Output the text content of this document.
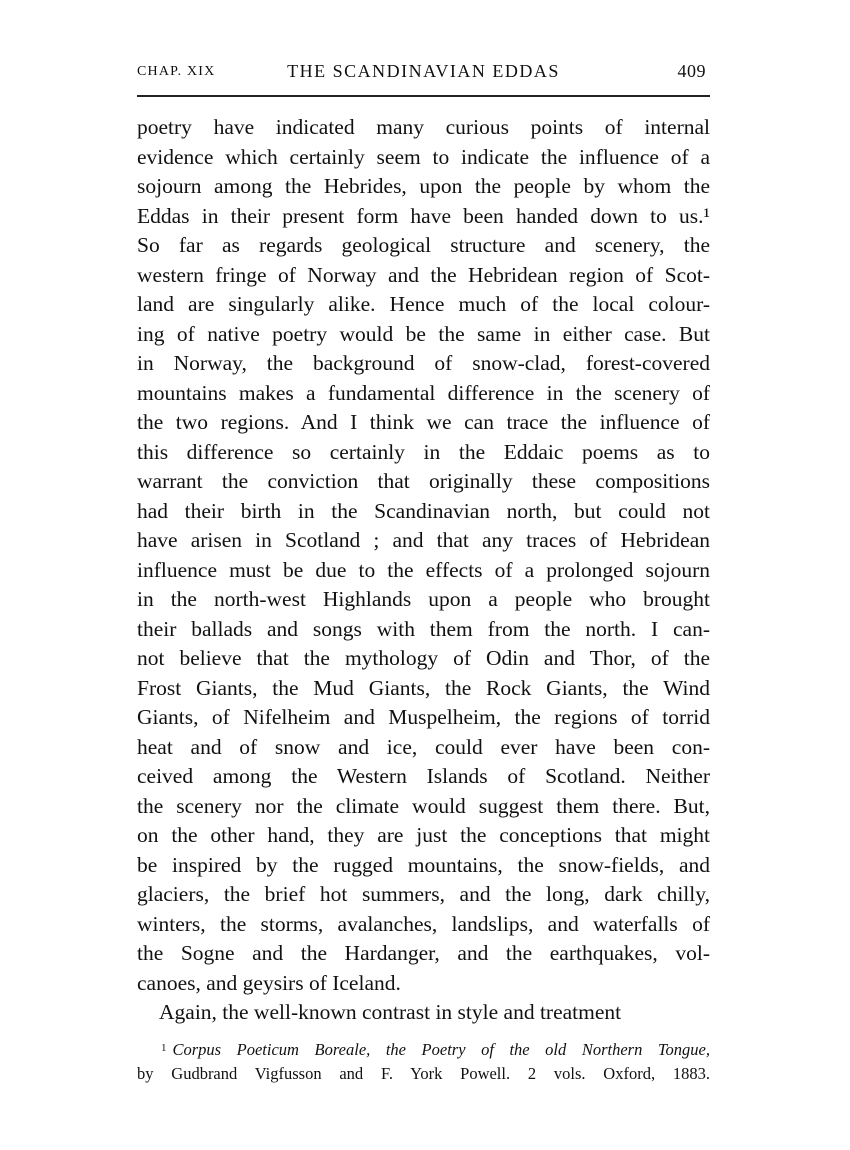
CHAP. XIX	THE SCANDINAVIAN EDDAS	409
poetry have indicated many curious points of internal
evidence which certainly seem to indicate the influence of a
sojourn among the Hebrides, upon the people by whom the
Eddas in their present form have been handed down to us.¹
So far as regards geological structure and scenery, the
western fringe of Norway and the Hebridean region of Scot-
land are singularly alike. Hence much of the local colour-
ing of native poetry would be the same in either case. But
in Norway, the background of snow-clad, forest-covered
mountains makes a fundamental difference in the scenery of
the two regions. And I think we can trace the influence of
this difference so certainly in the Eddaic poems as to
warrant the conviction that originally these compositions
had their birth in the Scandinavian north, but could not
have arisen in Scotland ; and that any traces of Hebridean
influence must be due to the effects of a prolonged sojourn
in the north-west Highlands upon a people who brought
their ballads and songs with them from the north. I can-
not believe that the mythology of Odin and Thor, of the
Frost Giants, the Mud Giants, the Rock Giants, the Wind
Giants, of Nifelheim and Muspelheim, the regions of torrid
heat and of snow and ice, could ever have been con-
ceived among the Western Islands of Scotland. Neither
the scenery nor the climate would suggest them there. But,
on the other hand, they are just the conceptions that might
be inspired by the rugged mountains, the snow-fields, and
glaciers, the brief hot summers, and the long, dark chilly,
winters, the storms, avalanches, landslips, and waterfalls of
the Sogne and the Hardanger, and the earthquakes, vol-
canoes, and geysirs of Iceland.
Again, the well-known contrast in style and treatment
$^1$ Corpus Poeticum Boreale, the Poetry of the old Northern Tongue,
by Gudbrand Vigfusson and F. York Powell. 2 vols. Oxford, 1883.
